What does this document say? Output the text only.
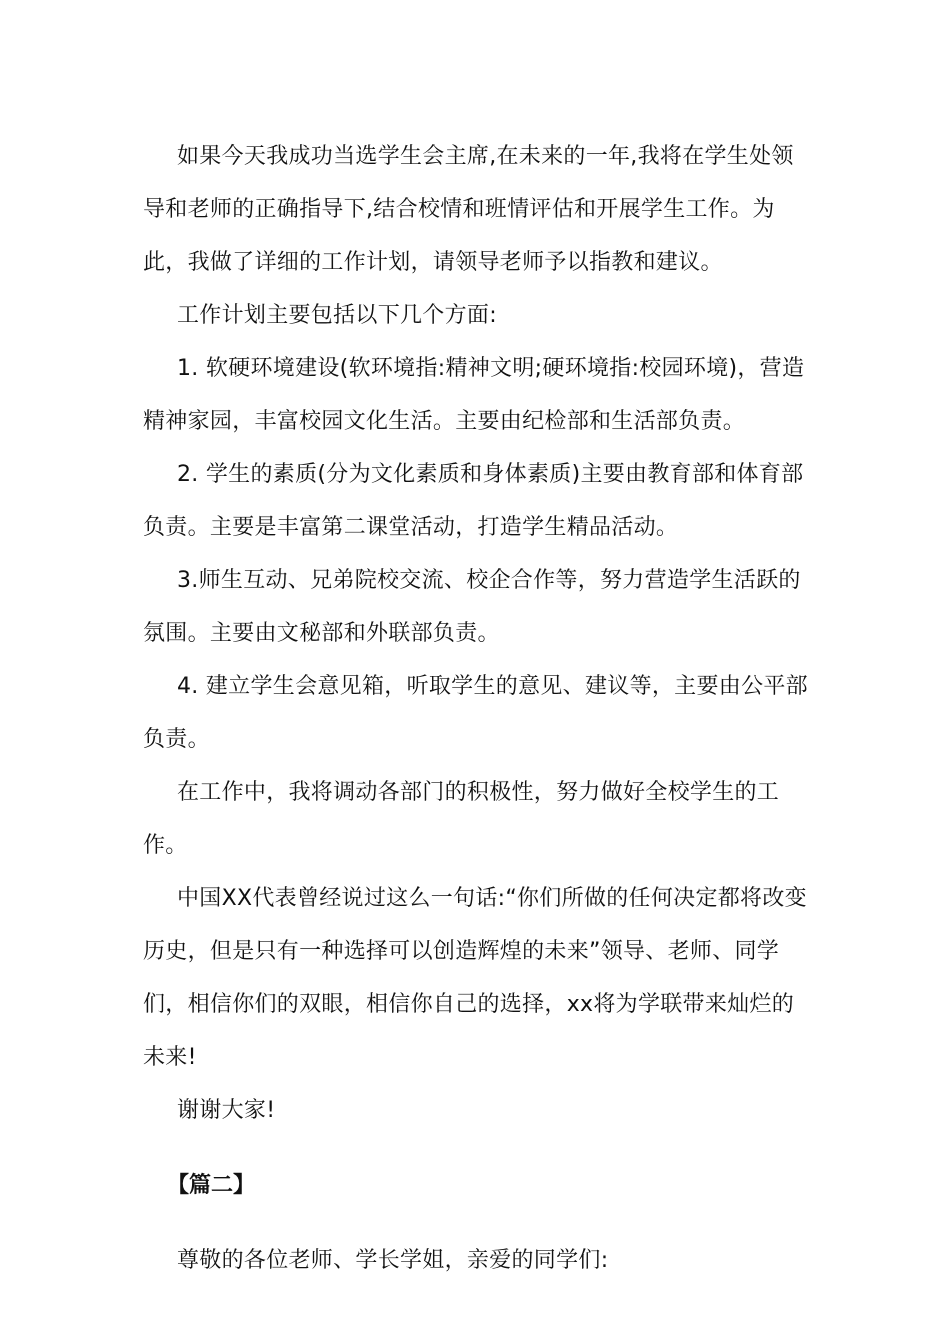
如果今天我成功当选学生会主席,在未来的一年,我将在学生处领导和老师的正确指导下,结合校情和班情评估和开展学生工作。为此，我做了详细的工作计划，请领导老师予以指教和建议。

工作计划主要包括以下几个方面:

1. 软硬环境建设(软环境指:精神文明;硬环境指:校园环境)，营造精神家园，丰富校园文化生活。主要由纪检部和生活部负责。

2. 学生的素质(分为文化素质和身体素质)主要由教育部和体育部负责。主要是丰富第二课堂活动，打造学生精品活动。

3.师生互动、兄弟院校交流、校企合作等，努力营造学生活跃的氛围。主要由文秘部和外联部负责。

4. 建立学生会意见箱，听取学生的意见、建议等，主要由公平部负责。

在工作中，我将调动各部门的积极性，努力做好全校学生的工作。

中国XX代表曾经说过这么一句话:“你们所做的任何决定都将改变历史，但是只有一种选择可以创造辉煌的未来”领导、老师、同学们，相信你们的双眼，相信你自己的选择，xx将为学联带来灿烂的未来!

谢谢大家!

【篇二】

尊敬的各位老师、学长学姐，亲爱的同学们:
